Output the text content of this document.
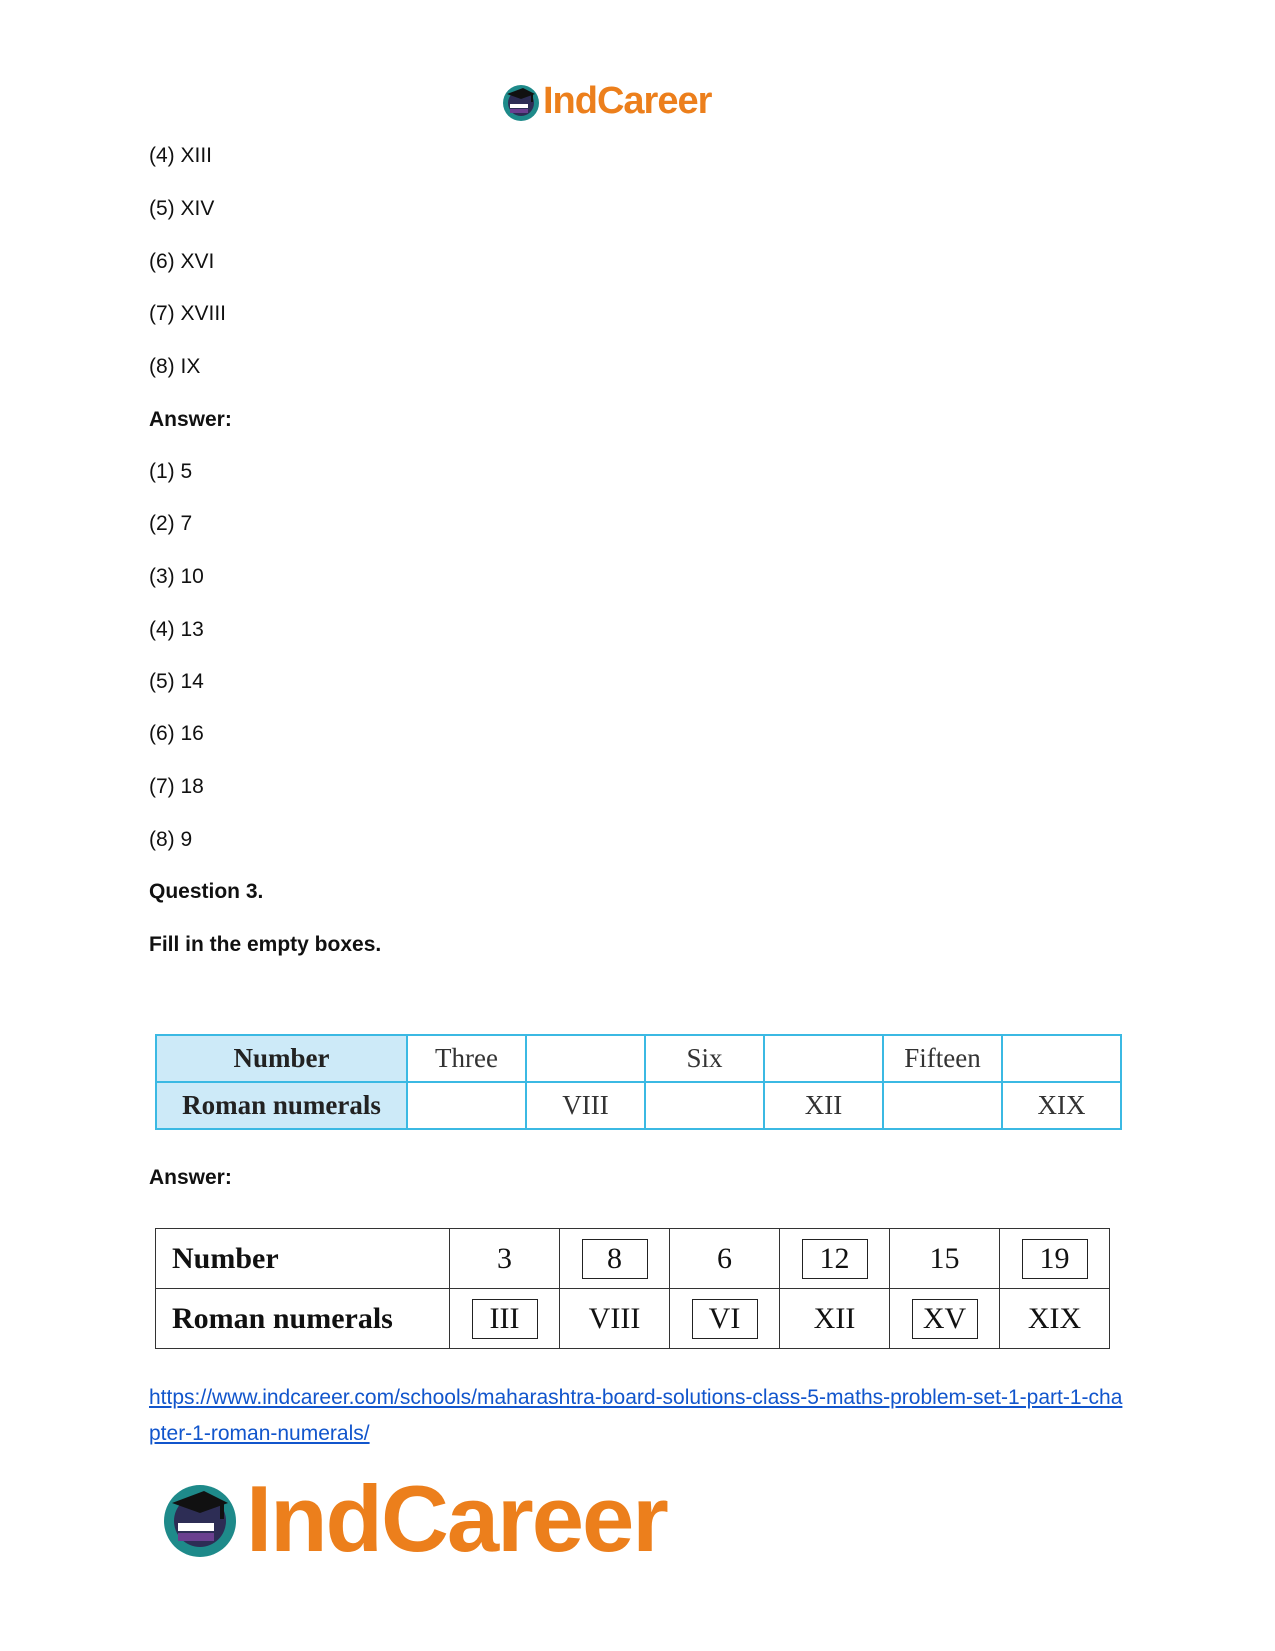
IndCareer
(4) XIII
(5) XIV
(6) XVI
(7) XVIII
(8) IX
Answer:
(1) 5
(2) 7
(3) 10
(4) 13
(5) 14
(6) 16
(7) 18
(8) 9
Question 3.
Fill in the empty boxes.
Number	Three		Six		Fifteen	
Roman numerals		VIII		XII		XIX
Answer:
Number	3	8	6	12	15	19
Roman numerals	III	VIII	VI	XII	XV	XIX
https://www.indcareer.com/schools/maharashtra-board-solutions-class-5-maths-problem-set-1-part-1-chapter-1-roman-numerals/
IndCareer
